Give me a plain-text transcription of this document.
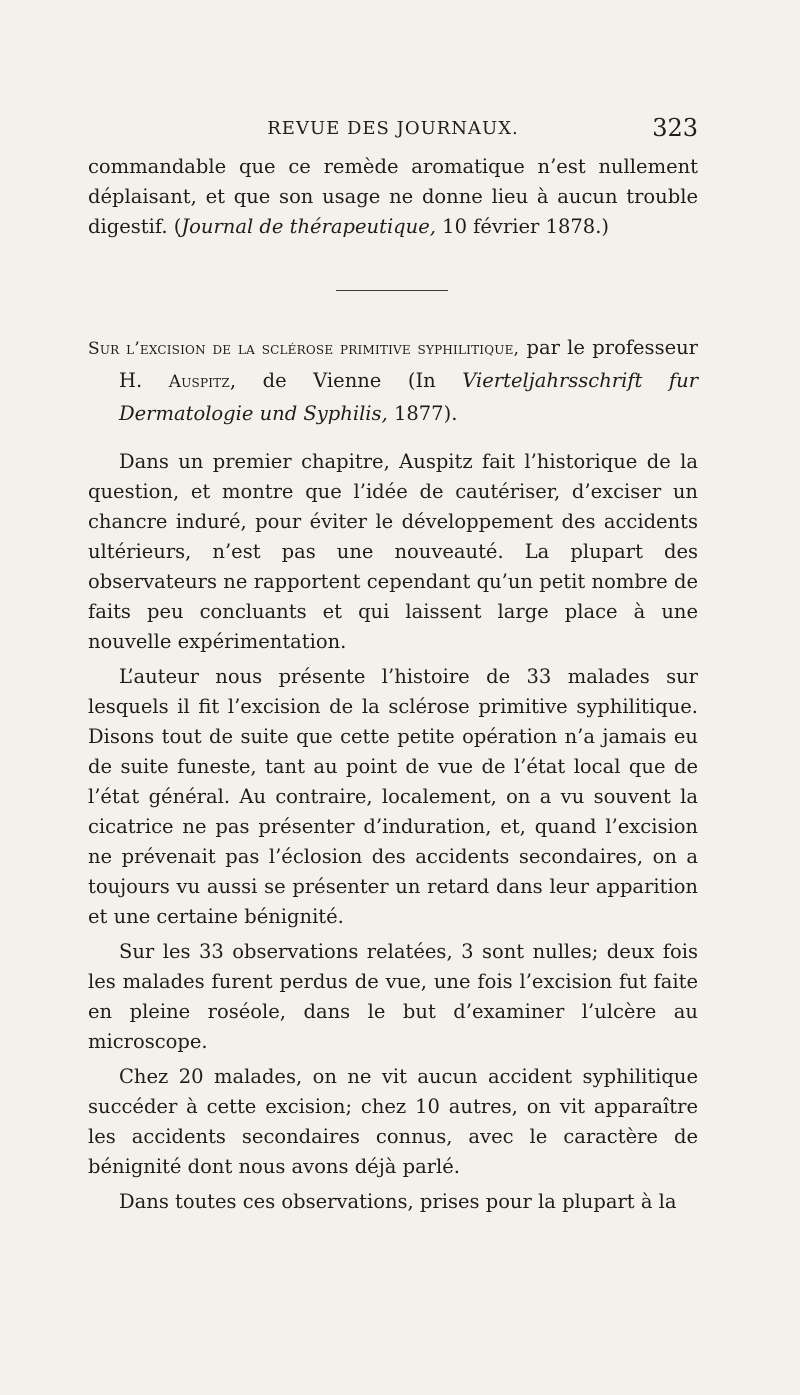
REVUE DES JOURNAUX.	323

commandable que ce remède aromatique n’est nullement déplaisant, et que son usage ne donne lieu à aucun trouble digestif. (Journal de thérapeutique, 10 février 1878.)

Sur l’excision de la sclérose primitive syphilitique, par le professeur H. Auspitz, de Vienne (In Vierteljahrsschrift fur Dermatologie und Syphilis, 1877).

Dans un premier chapitre, Auspitz fait l’historique de la question, et montre que l’idée de cautériser, d’exciser un chancre induré, pour éviter le développement des accidents ultérieurs, n’est pas une nouveauté. La plupart des observateurs ne rapportent cependant qu’un petit nombre de faits peu concluants et qui laissent large place à une nouvelle expérimentation.

L’auteur nous présente l’histoire de 33 malades sur lesquels il fit l’excision de la sclérose primitive syphilitique. Disons tout de suite que cette petite opération n’a jamais eu de suite funeste, tant au point de vue de l’état local que de l’état général. Au contraire, localement, on a vu souvent la cicatrice ne pas présenter d’induration, et, quand l’excision ne prévenait pas l’éclosion des accidents secondaires, on a toujours vu aussi se présenter un retard dans leur apparition et une certaine bénignité.

Sur les 33 observations relatées, 3 sont nulles; deux fois les malades furent perdus de vue, une fois l’excision fut faite en pleine roséole, dans le but d’examiner l’ulcère au microscope.

Chez 20 malades, on ne vit aucun accident syphilitique succéder à cette excision; chez 10 autres, on vit apparaître les accidents secondaires connus, avec le caractère de bénignité dont nous avons déjà parlé.

Dans toutes ces observations, prises pour la plupart à la
